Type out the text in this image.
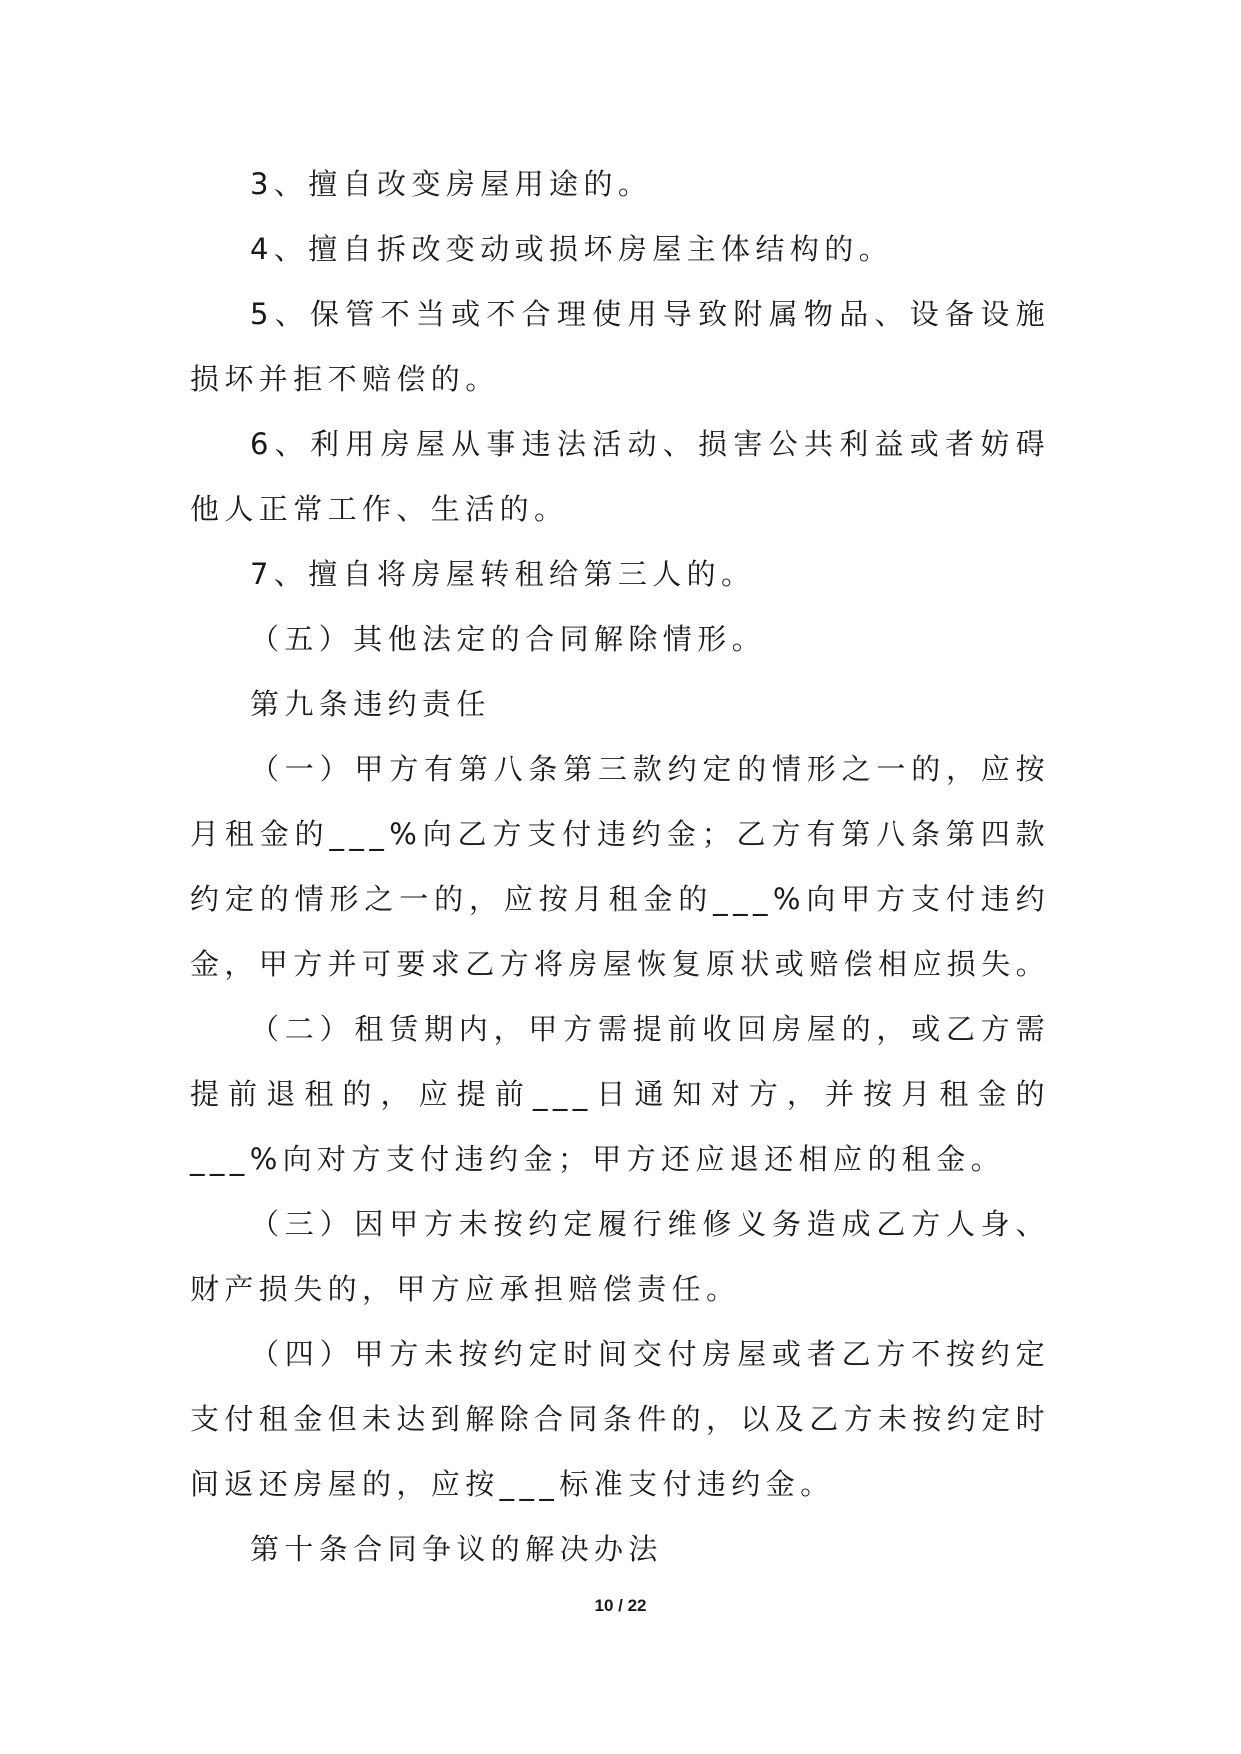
3、擅自改变房屋用途的。

4、擅自拆改变动或损坏房屋主体结构的。

5、保管不当或不合理使用导致附属物品、设备设施损坏并拒不赔偿的。

6、利用房屋从事违法活动、损害公共利益或者妨碍他人正常工作、生活的。

7、擅自将房屋转租给第三人的。

（五）其他法定的合同解除情形。

第九条违约责任

（一）甲方有第八条第三款约定的情形之一的，应按月租金的___%向乙方支付违约金；乙方有第八条第四款约定的情形之一的，应按月租金的___%向甲方支付违约金，甲方并可要求乙方将房屋恢复原状或赔偿相应损失。

（二）租赁期内，甲方需提前收回房屋的，或乙方需提前退租的，应提前___日通知对方，并按月租金的___%向对方支付违约金；甲方还应退还相应的租金。

（三）因甲方未按约定履行维修义务造成乙方人身、财产损失的，甲方应承担赔偿责任。

（四）甲方未按约定时间交付房屋或者乙方不按约定支付租金但未达到解除合同条件的，以及乙方未按约定时间返还房屋的，应按___标准支付违约金。

第十条合同争议的解决办法

10 / 22
